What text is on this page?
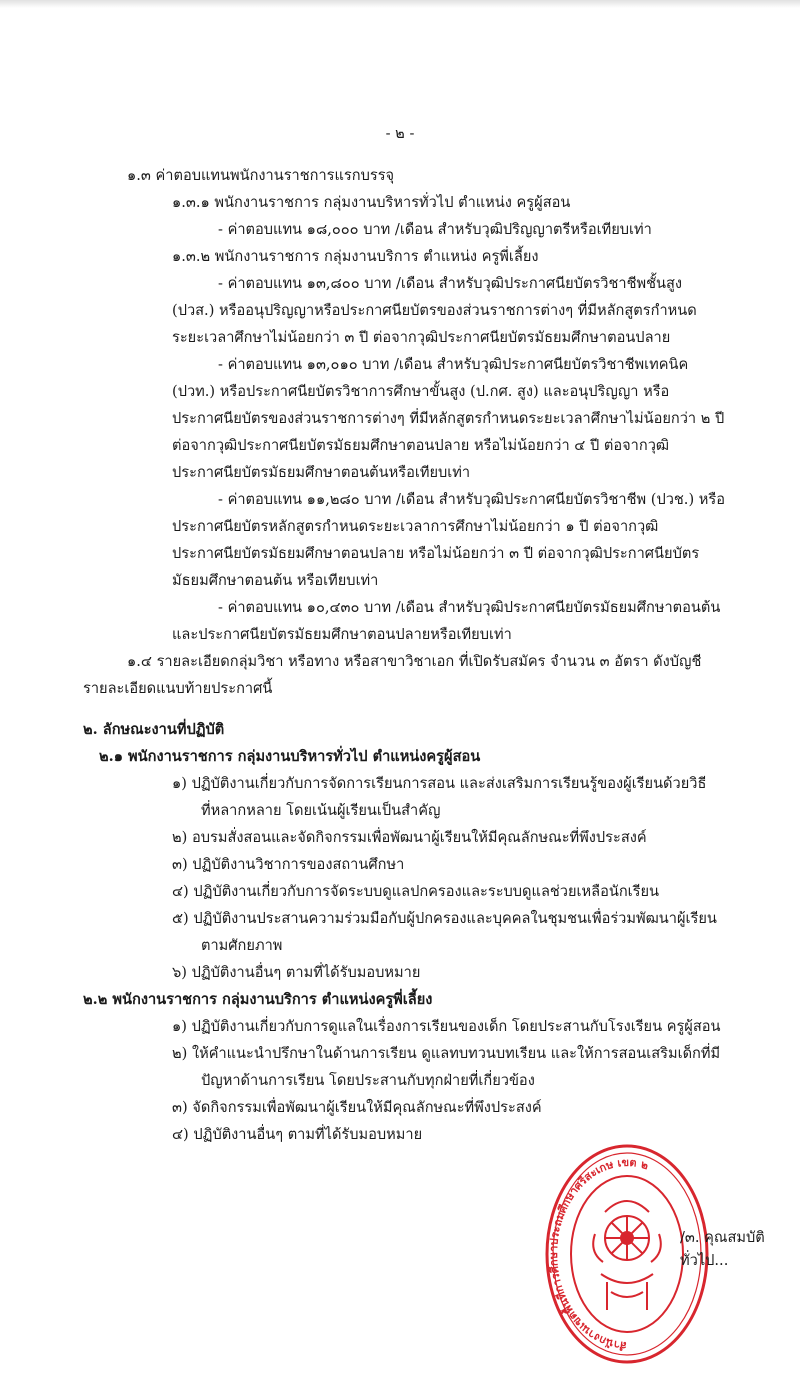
- ๒ -
๑.๓ ค่าตอบแทนพนักงานราชการแรกบรรจุ
๑.๓.๑ พนักงานราชการ กลุ่มงานบริหารทั่วไป ตำแหน่ง ครูผู้สอน
- ค่าตอบแทน ๑๘,๐๐๐ บาท /เดือน สำหรับวุฒิปริญญาตรีหรือเทียบเท่า
๑.๓.๒ พนักงานราชการ กลุ่มงานบริการ ตำแหน่ง ครูพี่เลี้ยง
- ค่าตอบแทน ๑๓,๘๐๐ บาท /เดือน สำหรับวุฒิประกาศนียบัตรวิชาชีพชั้นสูง
(ปวส.) หรืออนุปริญญาหรือประกาศนียบัตรของส่วนราชการต่างๆ ที่มีหลักสูตรกำหนด
ระยะเวลาศึกษาไม่น้อยกว่า ๓ ปี ต่อจากวุฒิประกาศนียบัตรมัธยมศึกษาตอนปลาย
- ค่าตอบแทน ๑๓,๐๑๐ บาท /เดือน สำหรับวุฒิประกาศนียบัตรวิชาชีพเทคนิค
(ปวท.) หรือประกาศนียบัตรวิชาการศึกษาขั้นสูง (ป.กศ. สูง) และอนุปริญญา หรือ
ประกาศนียบัตรของส่วนราชการต่างๆ ที่มีหลักสูตรกำหนดระยะเวลาศึกษาไม่น้อยกว่า ๒ ปี
ต่อจากวุฒิประกาศนียบัตรมัธยมศึกษาตอนปลาย หรือไม่น้อยกว่า ๔ ปี ต่อจากวุฒิ
ประกาศนียบัตรมัธยมศึกษาตอนต้นหรือเทียบเท่า
- ค่าตอบแทน ๑๑,๒๘๐ บาท /เดือน สำหรับวุฒิประกาศนียบัตรวิชาชีพ (ปวช.) หรือ
ประกาศนียบัตรหลักสูตรกำหนดระยะเวลาการศึกษาไม่น้อยกว่า ๑ ปี ต่อจากวุฒิ
ประกาศนียบัตรมัธยมศึกษาตอนปลาย หรือไม่น้อยกว่า ๓ ปี ต่อจากวุฒิประกาศนียบัตร
มัธยมศึกษาตอนต้น หรือเทียบเท่า
- ค่าตอบแทน ๑๐,๔๓๐ บาท /เดือน สำหรับวุฒิประกาศนียบัตรมัธยมศึกษาตอนต้น
และประกาศนียบัตรมัธยมศึกษาตอนปลายหรือเทียบเท่า
๑.๔ รายละเอียดกลุ่มวิชา หรือทาง หรือสาขาวิชาเอก ที่เปิดรับสมัคร จำนวน ๓ อัตรา ดังบัญชี
รายละเอียดแนบท้ายประกาศนี้
๒. ลักษณะงานที่ปฏิบัติ
๒.๑ พนักงานราชการ กลุ่มงานบริหารทั่วไป ตำแหน่งครูผู้สอน
๑) ปฏิบัติงานเกี่ยวกับการจัดการเรียนการสอน และส่งเสริมการเรียนรู้ของผู้เรียนด้วยวิธี
ที่หลากหลาย โดยเน้นผู้เรียนเป็นสำคัญ
๒) อบรมสั่งสอนและจัดกิจกรรมเพื่อพัฒนาผู้เรียนให้มีคุณลักษณะที่พึงประสงค์
๓) ปฏิบัติงานวิชาการของสถานศึกษา
๔) ปฏิบัติงานเกี่ยวกับการจัดระบบดูแลปกครองและระบบดูแลช่วยเหลือนักเรียน
๕) ปฏิบัติงานประสานความร่วมมือกับผู้ปกครองและบุคคลในชุมชนเพื่อร่วมพัฒนาผู้เรียน
ตามศักยภาพ
๖) ปฏิบัติงานอื่นๆ ตามที่ได้รับมอบหมาย
๒.๒ พนักงานราชการ กลุ่มงานบริการ ตำแหน่งครูพี่เลี้ยง
๑) ปฏิบัติงานเกี่ยวกับการดูแลในเรื่องการเรียนของเด็ก โดยประสานกับโรงเรียน ครูผู้สอน
๒) ให้คำแนะนำปรึกษาในด้านการเรียน ดูแลทบทวนบทเรียน และให้การสอนเสริมเด็กที่มี
ปัญหาด้านการเรียน โดยประสานกับทุกฝ่ายที่เกี่ยวข้อง
๓) จัดกิจกรรมเพื่อพัฒนาผู้เรียนให้มีคุณลักษณะที่พึงประสงค์
๔) ปฏิบัติงานอื่นๆ ตามที่ได้รับมอบหมาย
สำนักงานเขตพื้นที่การศึกษาประถมศึกษาศรีสะเกษ เขต ๒
/๓. คุณสมบัติทั่วไป...
